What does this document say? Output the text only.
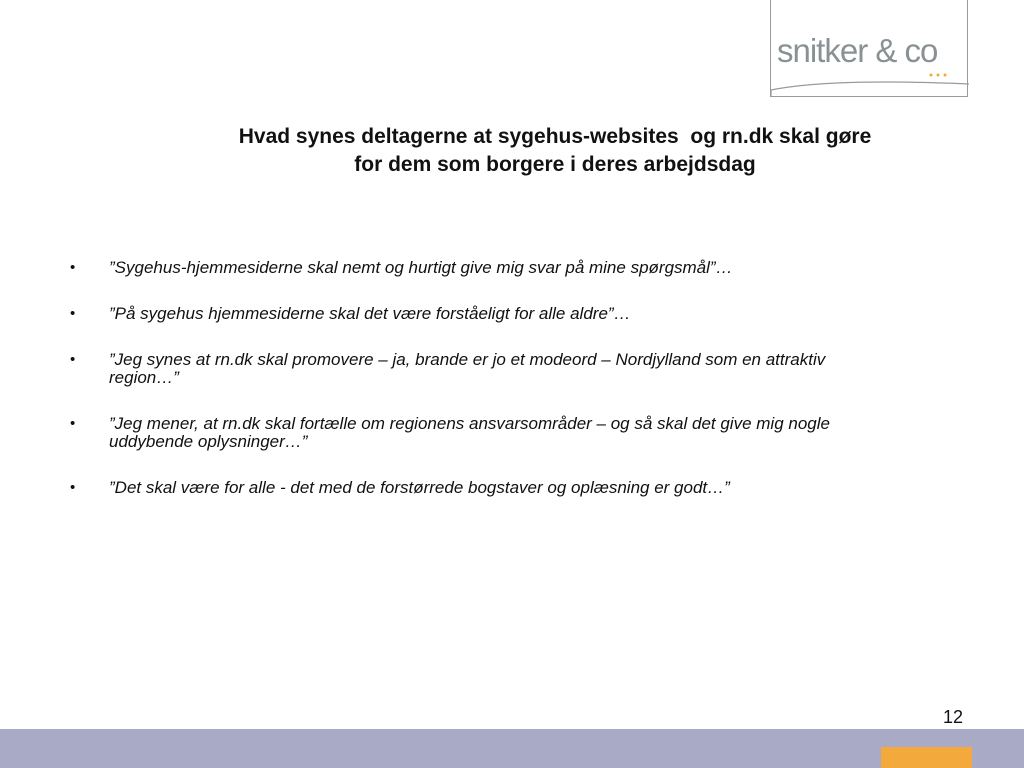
snitker & co
Hvad synes deltagerne at sygehus-websites  og rn.dk skal gøre
for dem som borgere i deres arbejdsdag
• ”Sygehus-hjemmesiderne skal nemt og hurtigt give mig svar på mine spørgsmål”…
• ”På sygehus hjemmesiderne skal det være forståeligt for alle aldre”…
• ”Jeg synes at rn.dk skal promovere – ja, brande er jo et modeord – Nordjylland som en attraktiv
region…”
• ”Jeg mener, at rn.dk skal fortælle om regionens ansvarsområder – og så skal det give mig nogle
uddybende oplysninger…”
• ”Det skal være for alle - det med de forstørrede bogstaver og oplæsning er godt…”
12
